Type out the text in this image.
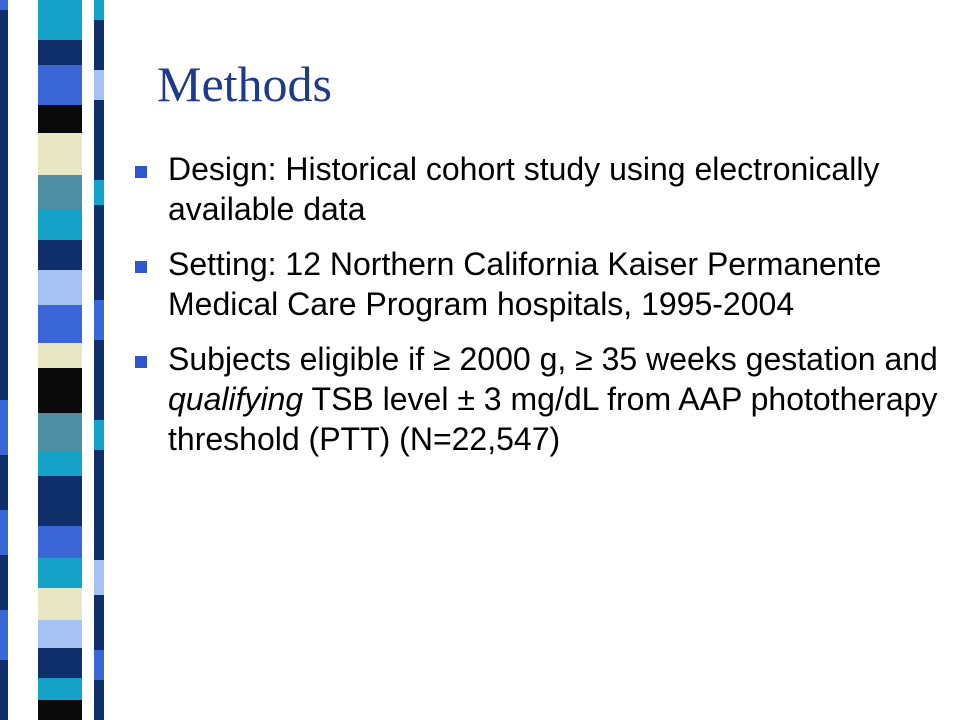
Methods
Design: Historical cohort study using electronically available data
Setting: 12 Northern California Kaiser Permanente Medical Care Program hospitals, 1995-2004
Subjects eligible if ≥ 2000 g, ≥ 35 weeks gestation and qualifying TSB level ± 3 mg/dL from AAP phototherapy threshold (PTT) (N=22,547)
